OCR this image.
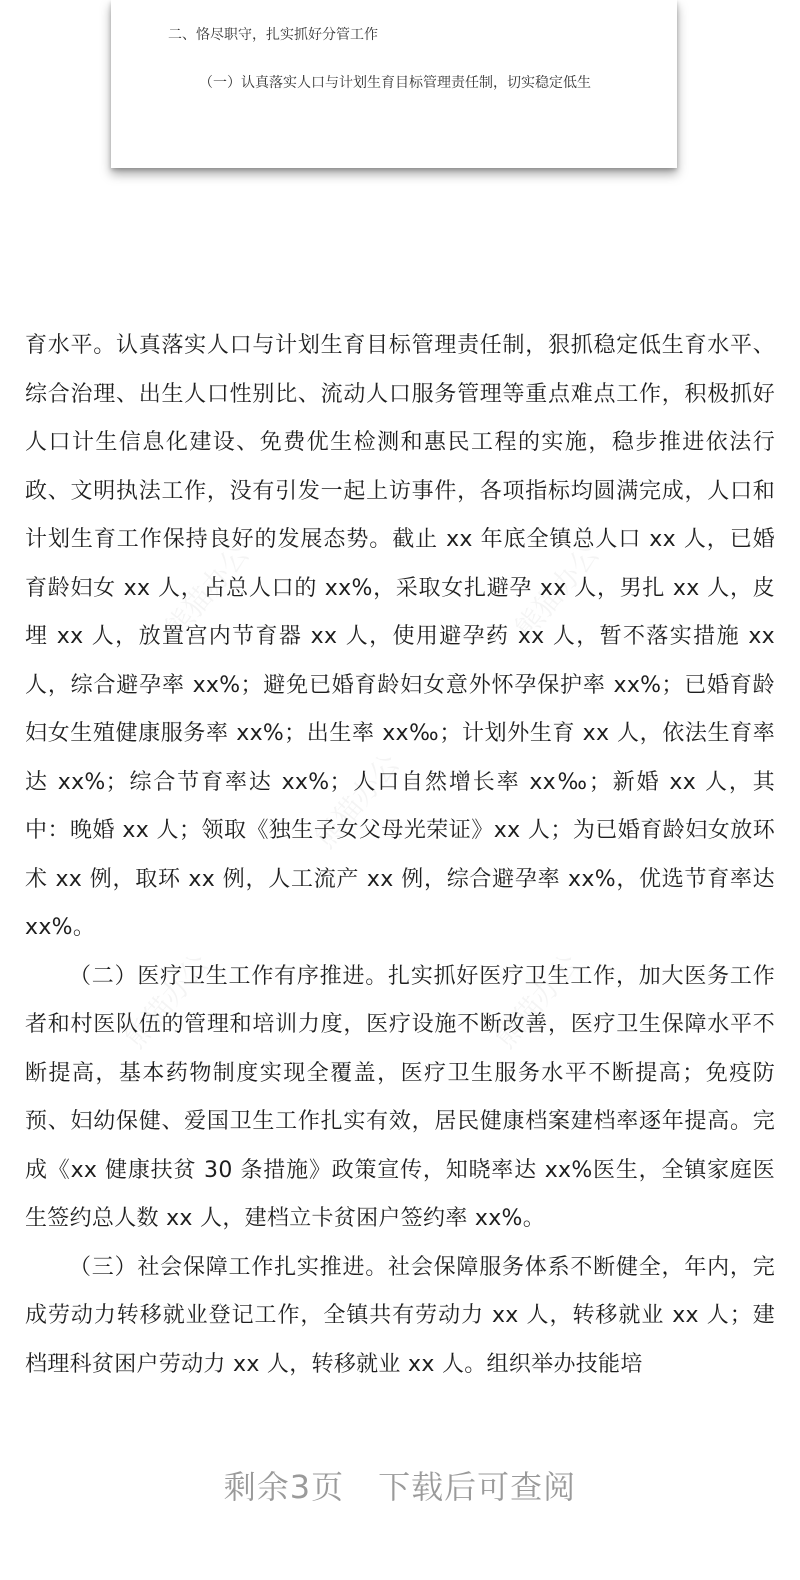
二、恪尽职守，扎实抓好分管工作
（一）认真落实人口与计划生育目标管理责任制，切实稳定低生

育水平。认真落实人口与计划生育目标管理责任制，狠抓稳定低生育水平、综合治理、出生人口性别比、流动人口服务管理等重点难点工作，积极抓好人口计生信息化建设、免费优生检测和惠民工程的实施，稳步推进依法行政、文明执法工作，没有引发一起上访事件，各项指标均圆满完成，人口和计划生育工作保持良好的发展态势。截止 xx 年底全镇总人口 xx 人，已婚育龄妇女 xx 人，占总人口的 xx%，采取女扎避孕 xx 人，男扎 xx 人，皮埋 xx 人，放置宫内节育器 xx 人，使用避孕药 xx 人，暂不落实措施 xx 人，综合避孕率 xx%；避免已婚育龄妇女意外怀孕保护率 xx%；已婚育龄妇女生殖健康服务率 xx%；出生率 xx‰；计划外生育 xx 人，依法生育率达 xx%；综合节育率达 xx%；人口自然增长率 xx‰；新婚 xx 人，其中：晚婚 xx 人；领取《独生子女父母光荣证》xx 人；为已婚育龄妇女放环术 xx 例，取环 xx 例，人工流产 xx 例，综合避孕率 xx%，优选节育率达 xx%。

（二）医疗卫生工作有序推进。扎实抓好医疗卫生工作，加大医务工作者和村医队伍的管理和培训力度，医疗设施不断改善，医疗卫生保障水平不断提高，基本药物制度实现全覆盖，医疗卫生服务水平不断提高；免疫防预、妇幼保健、爱国卫生工作扎实有效，居民健康档案建档率逐年提高。完成《xx 健康扶贫 30 条措施》政策宣传，知晓率达 xx%医生，全镇家庭医生签约总人数 xx 人，建档立卡贫困户签约率 xx%。

（三）社会保障工作扎实推进。社会保障服务体系不断健全，年内，完成劳动力转移就业登记工作，全镇共有劳动力 xx 人，转移就业 xx 人；建档理科贫困户劳动力 xx 人，转移就业 xx 人。组织举办技能培

剩余3页 下载后可查阅
